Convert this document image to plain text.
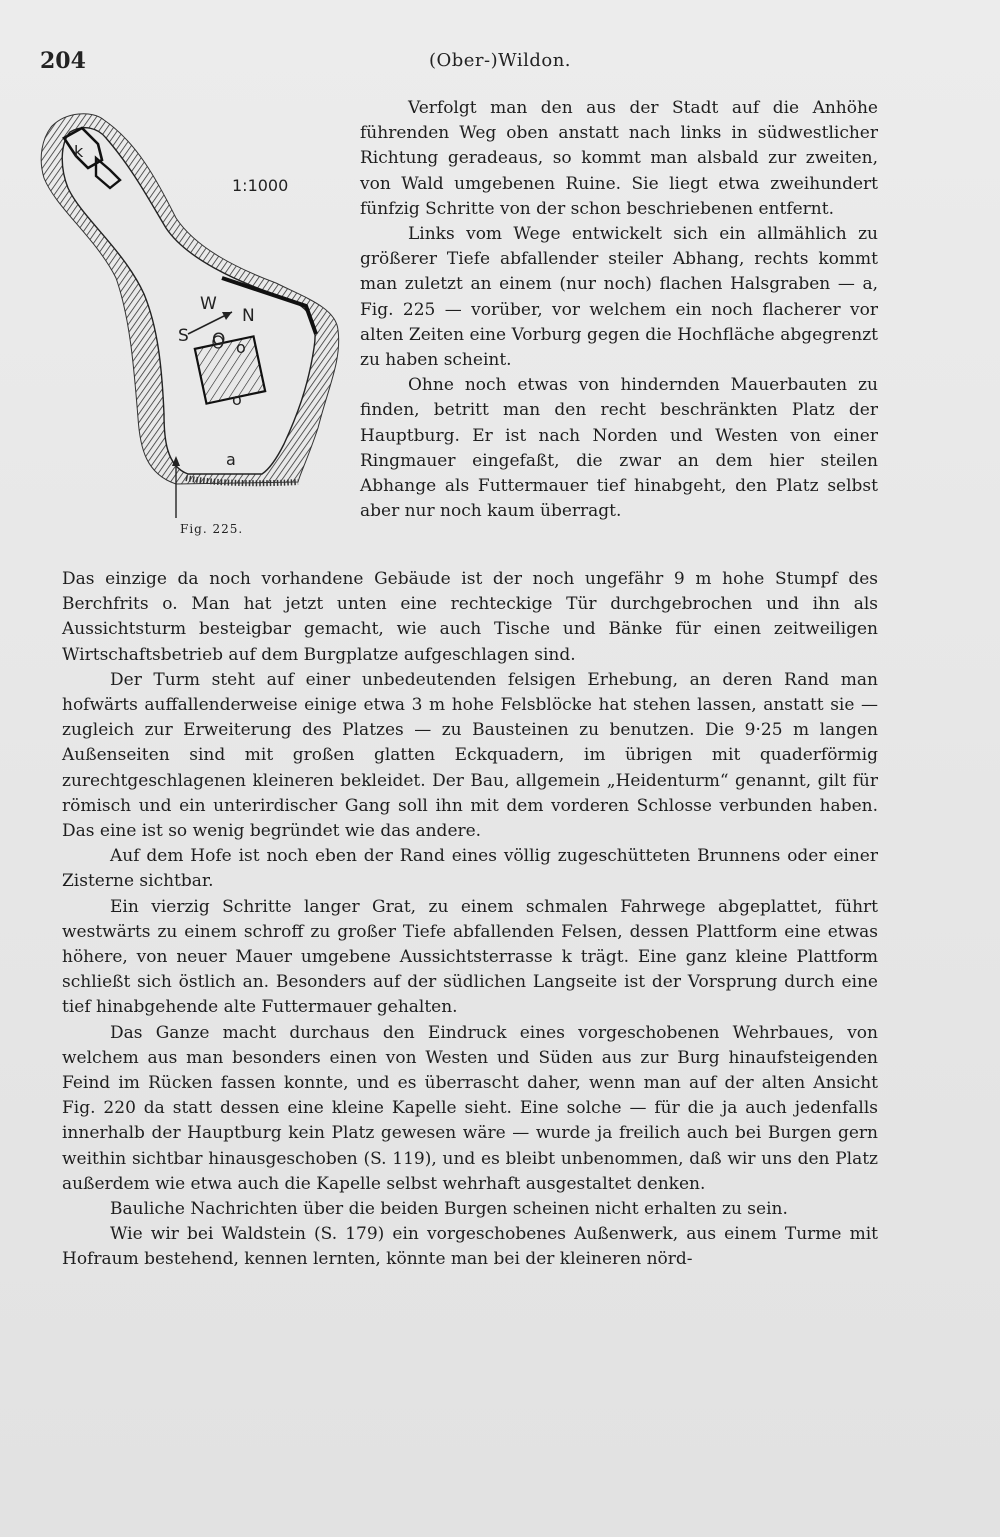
204	(Ober-)Wildon.
1:1000
k
W
N
S O o
o
a
Fig. 225.

Verfolgt man den aus der Stadt auf die Anhöhe führenden Weg oben anstatt nach links in südwestlicher Richtung geradeaus, so kommt man alsbald zur zweiten, von Wald umgebenen Ruine. Sie liegt etwa zweihundert fünfzig Schritte von der schon beschriebenen entfernt.

Links vom Wege entwickelt sich ein allmählich zu größerer Tiefe abfallender steiler Abhang, rechts kommt man zuletzt an einem (nur noch) flachen Halsgraben — a, Fig. 225 — vorüber, vor welchem ein noch flacherer vor alten Zeiten eine Vorburg gegen die Hochfläche abgegrenzt zu haben scheint.

Ohne noch etwas von hindernden Mauerbauten zu finden, betritt man den recht beschränkten Platz der Hauptburg. Er ist nach Norden und Westen von einer Ringmauer eingefaßt, die zwar an dem hier steilen Abhange als Futtermauer tief hinabgeht, den Platz selbst aber nur noch kaum überragt.

Das einzige da noch vorhandene Gebäude ist der noch ungefähr 9 m hohe Stumpf des Berchfrits o. Man hat jetzt unten eine rechteckige Tür durchgebrochen und ihn als Aussichtsturm besteigbar gemacht, wie auch Tische und Bänke für einen zeitweiligen Wirtschaftsbetrieb auf dem Burgplatze aufgeschlagen sind.

Der Turm steht auf einer unbedeutenden felsigen Erhebung, an deren Rand man hofwärts auffallenderweise einige etwa 3 m hohe Felsblöcke hat stehen lassen, anstatt sie — zugleich zur Erweiterung des Platzes — zu Bausteinen zu benutzen. Die 9·25 m langen Außenseiten sind mit großen glatten Eckquadern, im übrigen mit quaderförmig zurechtgeschlagenen kleineren bekleidet. Der Bau, allgemein „Heidenturm“ genannt, gilt für römisch und ein unterirdischer Gang soll ihn mit dem vorderen Schlosse verbunden haben. Das eine ist so wenig begründet wie das andere.

Auf dem Hofe ist noch eben der Rand eines völlig zugeschütteten Brunnens oder einer Zisterne sichtbar.

Ein vierzig Schritte langer Grat, zu einem schmalen Fahrwege abgeplattet, führt westwärts zu einem schroff zu großer Tiefe abfallenden Felsen, dessen Plattform eine etwas höhere, von neuer Mauer umgebene Aussichtsterrasse k trägt. Eine ganz kleine Plattform schließt sich östlich an. Besonders auf der südlichen Langseite ist der Vorsprung durch eine tief hinabgehende alte Futtermauer gehalten.

Das Ganze macht durchaus den Eindruck eines vorgeschobenen Wehrbaues, von welchem aus man besonders einen von Westen und Süden aus zur Burg hinaufsteigenden Feind im Rücken fassen konnte, und es überrascht daher, wenn man auf der alten Ansicht Fig. 220 da statt dessen eine kleine Kapelle sieht. Eine solche — für die ja auch jedenfalls innerhalb der Hauptburg kein Platz gewesen wäre — wurde ja freilich auch bei Burgen gern weithin sichtbar hinausgeschoben (S. 119), und es bleibt unbenommen, daß wir uns den Platz außerdem wie etwa auch die Kapelle selbst wehrhaft ausgestaltet denken.

Bauliche Nachrichten über die beiden Burgen scheinen nicht erhalten zu sein.

Wie wir bei Waldstein (S. 179) ein vorgeschobenes Außenwerk, aus einem Turme mit Hofraum bestehend, kennen lernten, könnte man bei der kleineren nörd-
